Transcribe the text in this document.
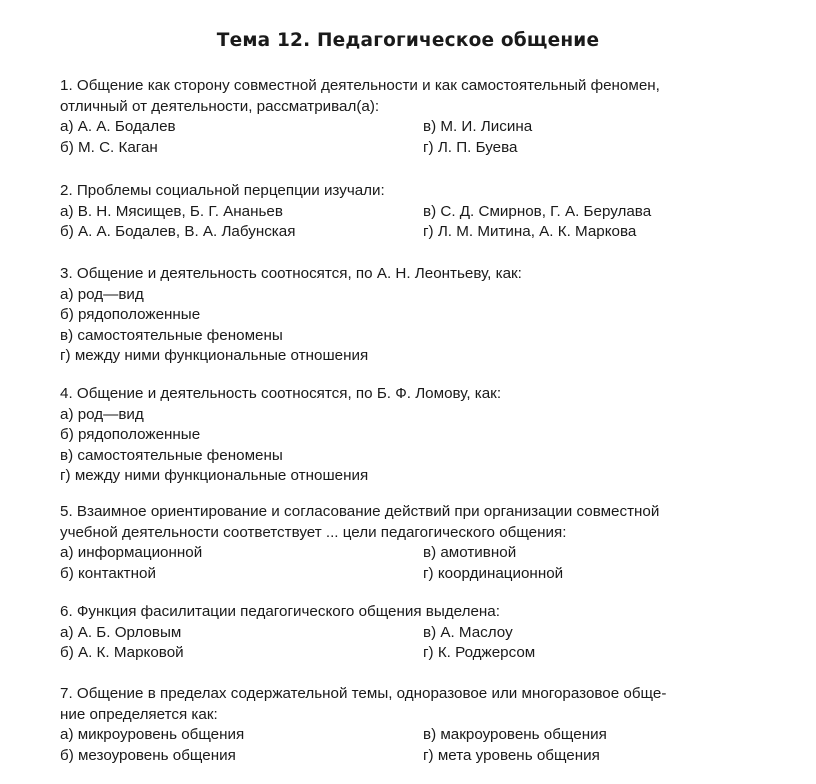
Тема 12. Педагогическое общение
1. Общение как сторону совместной деятельности и как самостоятельный феномен,
отличный от деятельности, рассматривал(а):
а) А. А. Бодалев	в) М. И. Лисина
б) М. С. Каган	г) Л. П. Буева
2. Проблемы социальной перцепции изучали:
а) В. Н. Мясищев, Б. Г. Ананьев	в) С. Д. Смирнов, Г. А. Берулава
б) А. А. Бодалев, В. А. Лабунская	г) Л. М. Митина, А. К. Маркова
3. Общение и деятельность соотносятся, по А. Н. Леонтьеву, как:
а) род—вид
б) рядоположенные
в) самостоятельные феномены
г) между ними функциональные отношения
4. Общение и деятельность соотносятся, по Б. Ф. Ломову, как:
а) род—вид
б) рядоположенные
в) самостоятельные феномены
г) между ними функциональные отношения
5. Взаимное ориентирование и согласование действий при организации совместной
учебной деятельности соответствует ... цели педагогического общения:
а) информационной	в) амотивной
б) контактной	г) координационной
6. Функция фасилитации педагогического общения выделена:
а) А. Б. Орловым	в) А. Маслоу
б) А. К. Марковой	г) К. Роджерсом
7. Общение в пределах содержательной темы, одноразовое или многоразовое обще-
ние определяется как:
а) микроуровень общения	в) макроуровень общения
б) мезоуровень общения	г) мета уровень общения
